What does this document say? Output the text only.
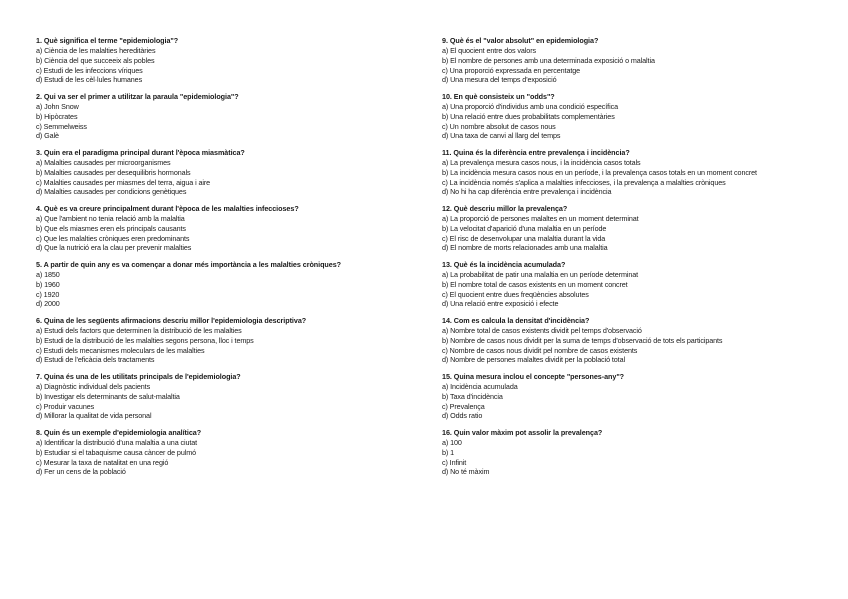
1. Què significa el terme "epidemiologia"?
a) Ciència de les malalties hereditàries
b) Ciència del que succeeix als pobles
c) Estudi de les infeccions víriques
d) Estudi de les cèl·lules humanes
2. Qui va ser el primer a utilitzar la paraula "epidemiologia"?
a) John Snow
b) Hipòcrates
c) Semmelweiss
d) Galè
3. Quin era el paradigma principal durant l'època miasmàtica?
a) Malalties causades per microorganismes
b) Malalties causades per desequilibris hormonals
c) Malalties causades per miasmes del terra, aigua i aire
d) Malalties causades per condicions genètiques
4. Què es va creure principalment durant l'època de les malalties infeccioses?
a) Que l'ambient no tenia relació amb la malaltia
b) Que els miasmes eren els principals causants
c) Que les malalties cròniques eren predominants
d) Que la nutrició era la clau per prevenir malalties
5. A partir de quin any es va començar a donar més importància a les malalties cròniques?
a) 1850
b) 1960
c) 1920
d) 2000
6. Quina de les següents afirmacions descriu millor l'epidemiologia descriptiva?
a) Estudi dels factors que determinen la distribució de les malalties
b) Estudi de la distribució de les malalties segons persona, lloc i temps
c) Estudi dels mecanismes moleculars de les malalties
d) Estudi de l'eficàcia dels tractaments
7. Quina és una de les utilitats principals de l'epidemiologia?
a) Diagnòstic individual dels pacients
b) Investigar els determinants de salut-malaltia
c) Produir vacunes
d) Millorar la qualitat de vida personal
8. Quin és un exemple d'epidemiologia analítica?
a) Identificar la distribució d'una malaltia a una ciutat
b) Estudiar si el tabaquisme causa càncer de pulmó
c) Mesurar la taxa de natalitat en una regió
d) Fer un cens de la població
9. Què és el "valor absolut" en epidemiologia?
a) El quocient entre dos valors
b) El nombre de persones amb una determinada exposició o malaltia
c) Una proporció expressada en percentatge
d) Una mesura del temps d'exposició
10. En què consisteix un "odds"?
a) Una proporció d'individus amb una condició específica
b) Una relació entre dues probabilitats complementàries
c) Un nombre absolut de casos nous
d) Una taxa de canvi al llarg del temps
11. Quina és la diferència entre prevalença i incidència?
a) La prevalença mesura casos nous, i la incidència casos totals
b) La incidència mesura casos nous en un període, i la prevalença casos totals en un moment concret
c) La incidència només s'aplica a malalties infeccioses, i la prevalença a malalties cròniques
d) No hi ha cap diferència entre prevalença i incidència
12. Què descriu millor la prevalença?
a) La proporció de persones malaltes en un moment determinat
b) La velocitat d'aparició d'una malaltia en un període
c) El risc de desenvolupar una malaltia durant la vida
d) El nombre de morts relacionades amb una malaltia
13. Què és la incidència acumulada?
a) La probabilitat de patir una malaltia en un període determinat
b) El nombre total de casos existents en un moment concret
c) El quocient entre dues freqüències absolutes
d) Una relació entre exposició i efecte
14. Com es calcula la densitat d'incidència?
a) Nombre total de casos existents dividit pel temps d'observació
b) Nombre de casos nous dividit per la suma de temps d'observació de tots els participants
c) Nombre de casos nous dividit pel nombre de casos existents
d) Nombre de persones malaltes dividit per la població total
15. Quina mesura inclou el concepte "persones-any"?
a) Incidència acumulada
b) Taxa d'incidència
c) Prevalença
d) Odds ratio
16. Quin valor màxim pot assolir la prevalença?
a) 100
b) 1
c) Infinit
d) No té màxim
